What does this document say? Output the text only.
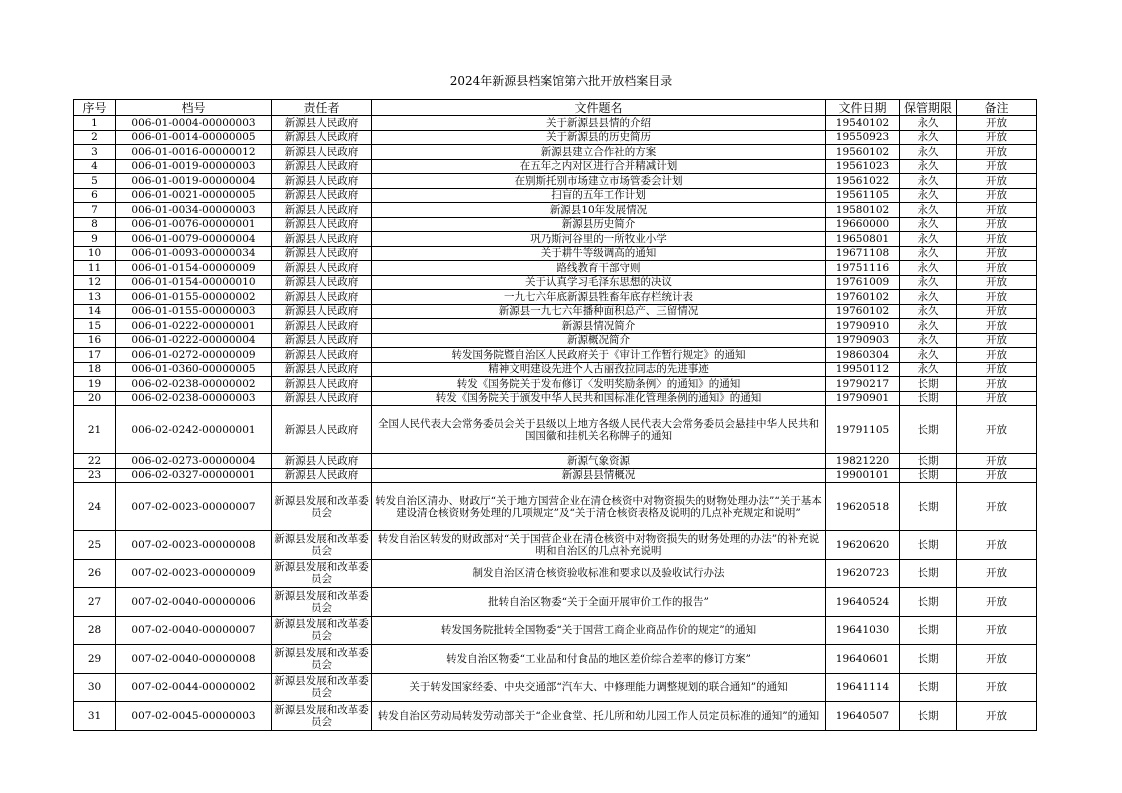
2024年新源县档案馆第六批开放档案目录
序号	档号	责任者	文件题名	文件日期	保管期限	备注
1	006-01-0004-00000003	新源县人民政府	关于新源县县情的介绍	19540102	永久	开放
2	006-01-0014-00000005	新源县人民政府	关于新源县的历史简历	19550923	永久	开放
3	006-01-0016-00000012	新源县人民政府	新源县建立合作社的方案	19560102	永久	开放
4	006-01-0019-00000003	新源县人民政府	在五年之内对区进行合并精减计划	19561023	永久	开放
5	006-01-0019-00000004	新源县人民政府	在别斯托别市场建立市场管委会计划	19561022	永久	开放
6	006-01-0021-00000005	新源县人民政府	扫盲的五年工作计划	19561105	永久	开放
7	006-01-0034-00000003	新源县人民政府	新源县10年发展情况	19580102	永久	开放
8	006-01-0076-00000001	新源县人民政府	新源县历史简介	19660000	永久	开放
9	006-01-0079-00000004	新源县人民政府	巩乃斯河谷里的一所牧业小学	19650801	永久	开放
10	006-01-0093-00000034	新源县人民政府	关于耕牛等级调高的通知	19671108	永久	开放
11	006-01-0154-00000009	新源县人民政府	路线教育干部守则	19751116	永久	开放
12	006-01-0154-00000010	新源县人民政府	关于认真学习毛泽东思想的决议	19761009	永久	开放
13	006-01-0155-00000002	新源县人民政府	一九七六年底新源县牲畜年底存栏统计表	19760102	永久	开放
14	006-01-0155-00000003	新源县人民政府	新源县一九七六年播种面积总产、三留情况	19760102	永久	开放
15	006-01-0222-00000001	新源县人民政府	新源县情况简介	19790910	永久	开放
16	006-01-0222-00000004	新源县人民政府	新源概况简介	19790903	永久	开放
17	006-01-0272-00000009	新源县人民政府	转发国务院暨自治区人民政府关于《审计工作暂行规定》的通知	19860304	永久	开放
18	006-01-0360-00000005	新源县人民政府	精神文明建设先进个人古丽孜拉同志的先进事迹	19950112	永久	开放
19	006-02-0238-00000002	新源县人民政府	转发《国务院关于发布修订〈发明奖励条例〉的通知》的通知	19790217	长期	开放
20	006-02-0238-00000003	新源县人民政府	转发《国务院关于颁发中华人民共和国标准化管理条例的通知》的通知	19790901	长期	开放
21	006-02-0242-00000001	新源县人民政府	全国人民代表大会常务委员会关于县级以上地方各级人民代表大会常务委员会悬挂中华人民共和国国徽和挂机关名称牌子的通知	19791105	长期	开放
22	006-02-0273-00000004	新源县人民政府	新源气象资源	19821220	长期	开放
23	006-02-0327-00000001	新源县人民政府	新源县县情概况	19900101	长期	开放
24	007-02-0023-00000007	新源县发展和改革委员会	转发自治区清办、财政厅“关于地方国营企业在清仓核资中对物资损失的财物处理办法”“关于基本建设清仓核资财务处理的几项规定”及“关于清仓核资表格及说明的几点补充规定和说明”	19620518	长期	开放
25	007-02-0023-00000008	新源县发展和改革委员会	转发自治区转发的财政部对“关于国营企业在清仓核资中对物资损失的财务处理的办法”的补充说明和自治区的几点补充说明	19620620	长期	开放
26	007-02-0023-00000009	新源县发展和改革委员会	制发自治区清仓核资验收标准和要求以及验收试行办法	19620723	长期	开放
27	007-02-0040-00000006	新源县发展和改革委员会	批转自治区物委“关于全面开展审价工作的报告”	19640524	长期	开放
28	007-02-0040-00000007	新源县发展和改革委员会	转发国务院批转全国物委“关于国营工商企业商品作价的规定”的通知	19641030	长期	开放
29	007-02-0040-00000008	新源县发展和改革委员会	转发自治区物委“工业品和付食品的地区差价综合差率的修订方案”	19640601	长期	开放
30	007-02-0044-00000002	新源县发展和改革委员会	关于转发国家经委、中央交通部“汽车大、中修理能力调整规划的联合通知”的通知	19641114	长期	开放
31	007-02-0045-00000003	新源县发展和改革委员会	转发自治区劳动局转发劳动部关于“企业食堂、托儿所和幼儿园工作人员定员标准的通知”的通知	19640507	长期	开放
